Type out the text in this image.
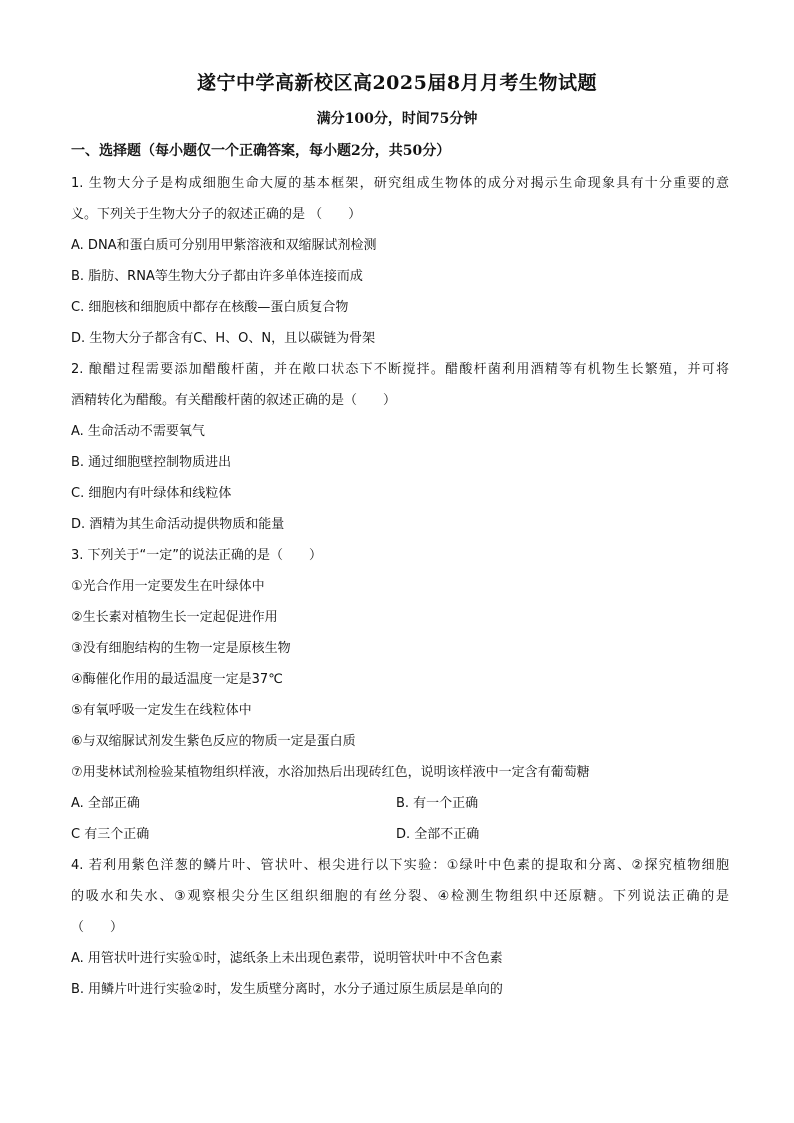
遂宁中学高新校区高2025届8月月考生物试题
满分100分，时间75分钟
一、选择题（每小题仅一个正确答案，每小题2分，共50分）
1. 生物大分子是构成细胞生命大厦的基本框架，研究组成生物体的成分对揭示生命现象具有十分重要的意
义。下列关于生物大分子的叙述正确的是 （　　）
A. DNA和蛋白质可分别用甲紫溶液和双缩脲试剂检测
B. 脂肪、RNA等生物大分子都由许多单体连接而成
C. 细胞核和细胞质中都存在核酸—蛋白质复合物
D. 生物大分子都含有C、H、O、N，且以碳链为骨架
2. 酿醋过程需要添加醋酸杆菌，并在敞口状态下不断搅拌。醋酸杆菌利用酒精等有机物生长繁殖，并可将
酒精转化为醋酸。有关醋酸杆菌的叙述正确的是（　　）
A. 生命活动不需要氧气
B. 通过细胞壁控制物质进出
C. 细胞内有叶绿体和线粒体
D. 酒精为其生命活动提供物质和能量
3. 下列关于“一定”的说法正确的是（　　）
①光合作用一定要发生在叶绿体中
②生长素对植物生长一定起促进作用
③没有细胞结构的生物一定是原核生物
④酶催化作用的最适温度一定是37℃
⑤有氧呼吸一定发生在线粒体中
⑥与双缩脲试剂发生紫色反应的物质一定是蛋白质
⑦用斐林试剂检验某植物组织样液，水浴加热后出现砖红色，说明该样液中一定含有葡萄糖
A. 全部正确	B. 有一个正确
C 有三个正确	D. 全部不正确
4. 若利用紫色洋葱的鳞片叶、管状叶、根尖进行以下实验：①绿叶中色素的提取和分离、②探究植物细胞
的吸水和失水、③观察根尖分生区组织细胞的有丝分裂、④检测生物组织中还原糖。下列说法正确的是
（　　）
A. 用管状叶进行实验①时，滤纸条上未出现色素带，说明管状叶中不含色素
B. 用鳞片叶进行实验②时，发生质壁分离时，水分子通过原生质层是单向的
